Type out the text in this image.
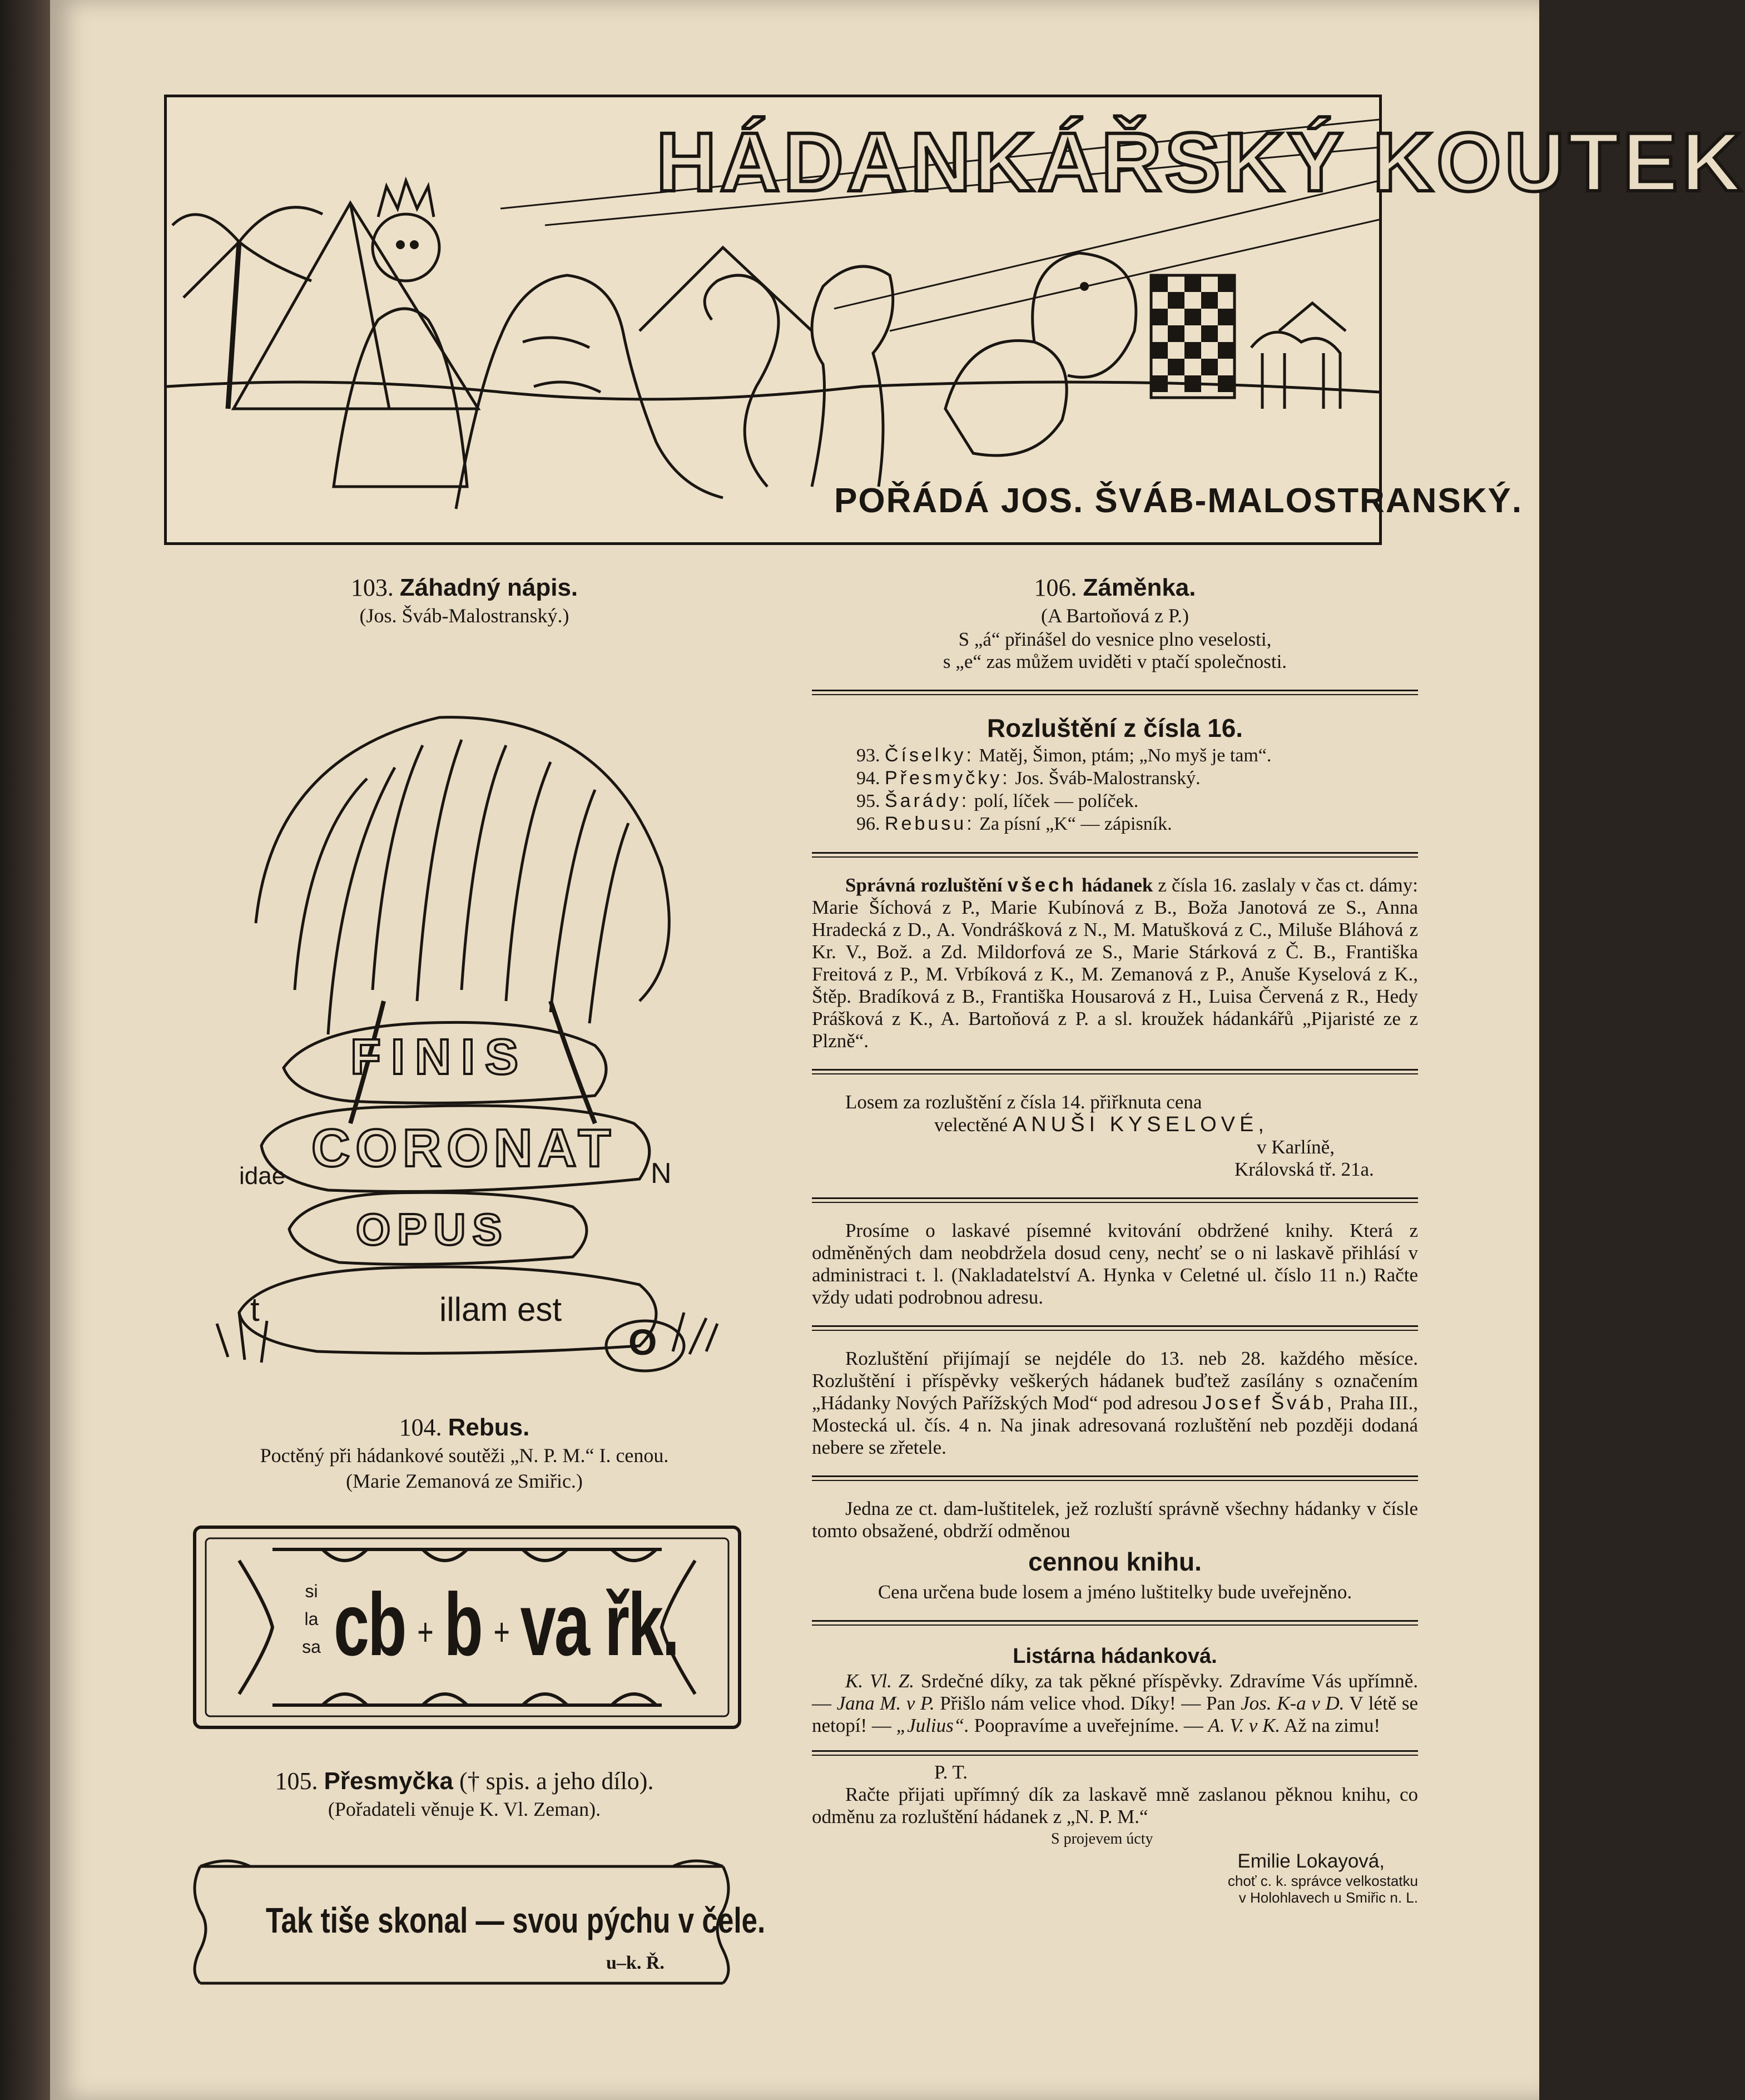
HÁDANKÁŘSKÝ KOUTEK
POŘÁDÁ JOS. ŠVÁB-MALOSTRANSKÝ.
103. Záhadný nápis.
(Jos. Šváb-Malostranský.)
FINIS
CORONAT
idae	N
OPUS
t	illam est
O
104. Rebus.
Poctěný při hádankové soutěži „N. P. M.“ I. cenou.
(Marie Zemanová ze Smiřic.)
si
la
sa cb + b + va řk.
105. Přesmyčka († spis. a jeho dílo).
(Pořadateli věnuje K. Vl. Zeman).
Tak tiše skonal — svou pýchu v čele.
u–k. Ř.
106. Záměnka.
(A Bartoňová z P.)
S „á“ přinášel do vesnice plno veselosti,
s „e“ zas můžem uviděti v ptačí společnosti.
Rozluštění z čísla 16.
93. Číselky: Matěj, Šimon, ptám; „No myš je tam“.
94. Přesmyčky: Jos. Šváb-Malostranský.
95. Šarády: polí, líček — políček.
96. Rebusu: Za písní „K“ — zápisník.

Správná rozluštění všech hádanek z čísla 16. zaslaly v čas ct. dámy: Marie Šíchová z P., Marie Kubínová z B., Boža Janotová ze S., Anna Hradecká z D., A. Vondrášková z N., M. Matušková z C., Miluše Bláhová z Kr. V., Bož. a Zd. Mildorfová ze S., Marie Stárková z Č. B., Františka Freitová z P., M. Vrbíková z K., M. Zemanová z P., Anuše Kyselová z K., Štěp. Bradíková z B., Františka Housarová z H., Luisa Červená z R., Hedy Prášková z K., A. Bartoňová z P. a sl. kroužek hádankářů „Pijaristé ze z Plzně“.

Losem za rozluštění z čísla 14. přiřknuta cena
velectěné ANUŠI KYSELOVÉ,
v Karlíně,
Královská tř. 21a.

Prosíme o laskavé písemné kvitování obdržené knihy. Která z odměněných dam neobdržela dosud ceny, nechť se o ni laskavě přihlásí v administraci t. l. (Nakladatelství A. Hynka v Celetné ul. číslo 11 n.) Račte vždy udati podrobnou adresu.

Rozluštění přijímají se nejdéle do 13. neb 28. každého měsíce. Rozluštění i příspěvky veškerých hádanek buďtež zasílány s označením „Hádanky Nových Pařížských Mod“ pod adresou Josef Šváb, Praha III., Mostecká ul. čís. 4 n. Na jinak adresovaná rozluštění neb později dodaná nebere se zřetele.

Jedna ze ct. dam-luštitelek, jež rozluští správně všechny hádanky v čísle tomto obsažené, obdrží odměnou

cennou knihu.

Cena určena bude losem a jméno luštitelky bude uveřejněno.

Listárna hádanková.

K. Vl. Z. Srdečné díky, za tak pěkné příspěvky. Zdravíme Vás upřímně. — Jana M. v P. Přišlo nám velice vhod. Díky! — Pan Jos. K-a v D. V létě se netopí! — „Julius“. Poopravíme a uveřejníme. — A. V. v K. Až na zimu!

P. T.

Račte přijati upřímný dík za laskavě mně zaslanou pěknou knihu, co odměnu za rozluštění hádanek z „N. P. M.“

S projevem úcty
Emilie Lokayová,
choť c. k. správce velkostatku
v Holohlavech u Smiřic n. L.
